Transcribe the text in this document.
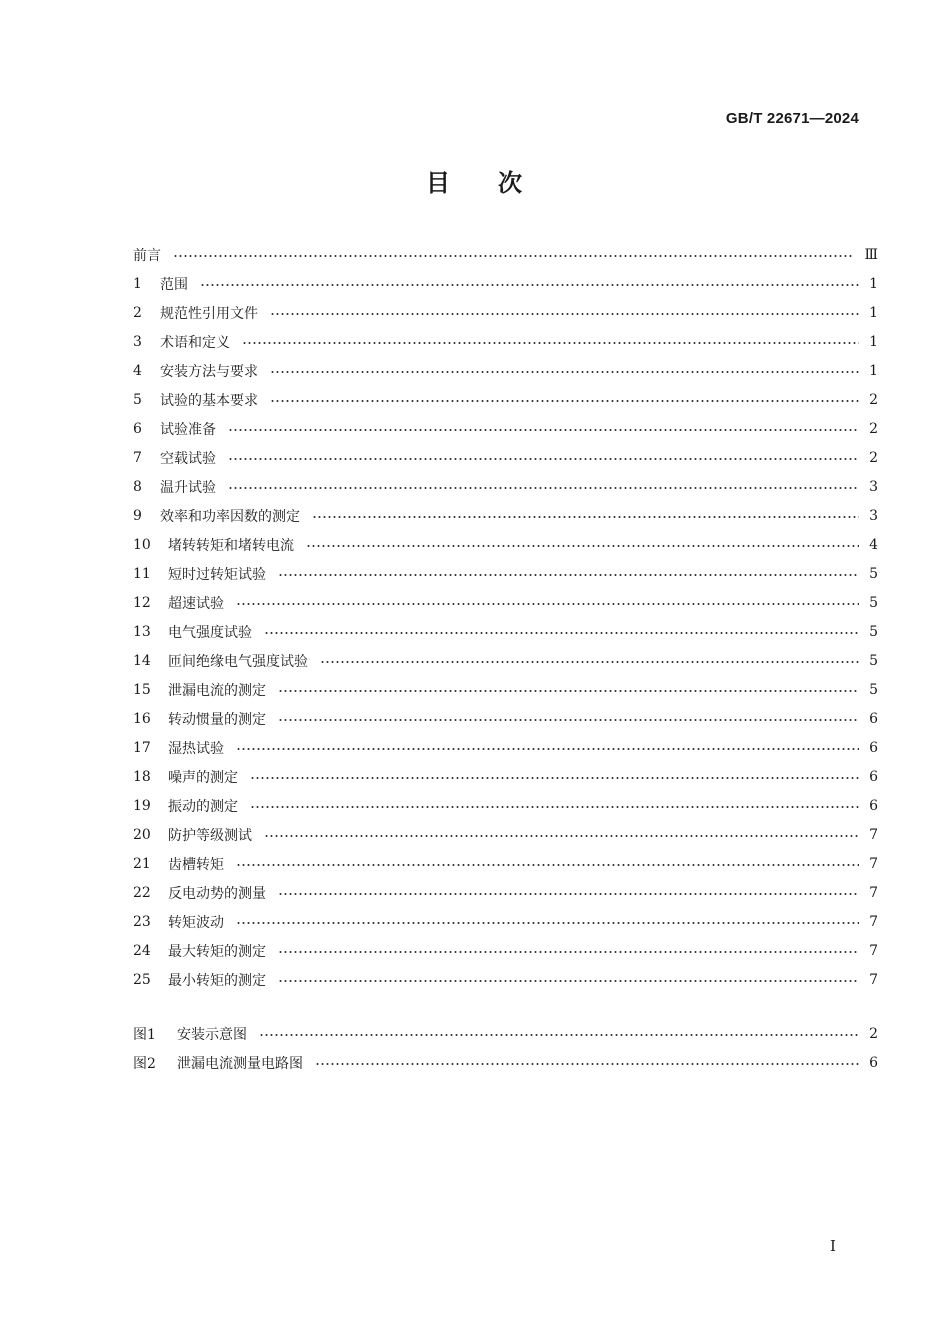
GB/T 22671—2024
目 次
前言	Ⅲ
1	范围	1
2	规范性引用文件	1
3	术语和定义	1
4	安装方法与要求	1
5	试验的基本要求	2
6	试验准备	2
7	空载试验	2
8	温升试验	3
9	效率和功率因数的测定	3
10	堵转转矩和堵转电流	4
11	短时过转矩试验	5
12	超速试验	5
13	电气强度试验	5
14	匝间绝缘电气强度试验	5
15	泄漏电流的测定	5
16	转动惯量的测定	6
17	湿热试验	6
18	噪声的测定	6
19	振动的测定	6
20	防护等级测试	7
21	齿槽转矩	7
22	反电动势的测量	7
23	转矩波动	7
24	最大转矩的测定	7
25	最小转矩的测定	7
图1	安装示意图	2
图2	泄漏电流测量电路图	6
Ⅰ
